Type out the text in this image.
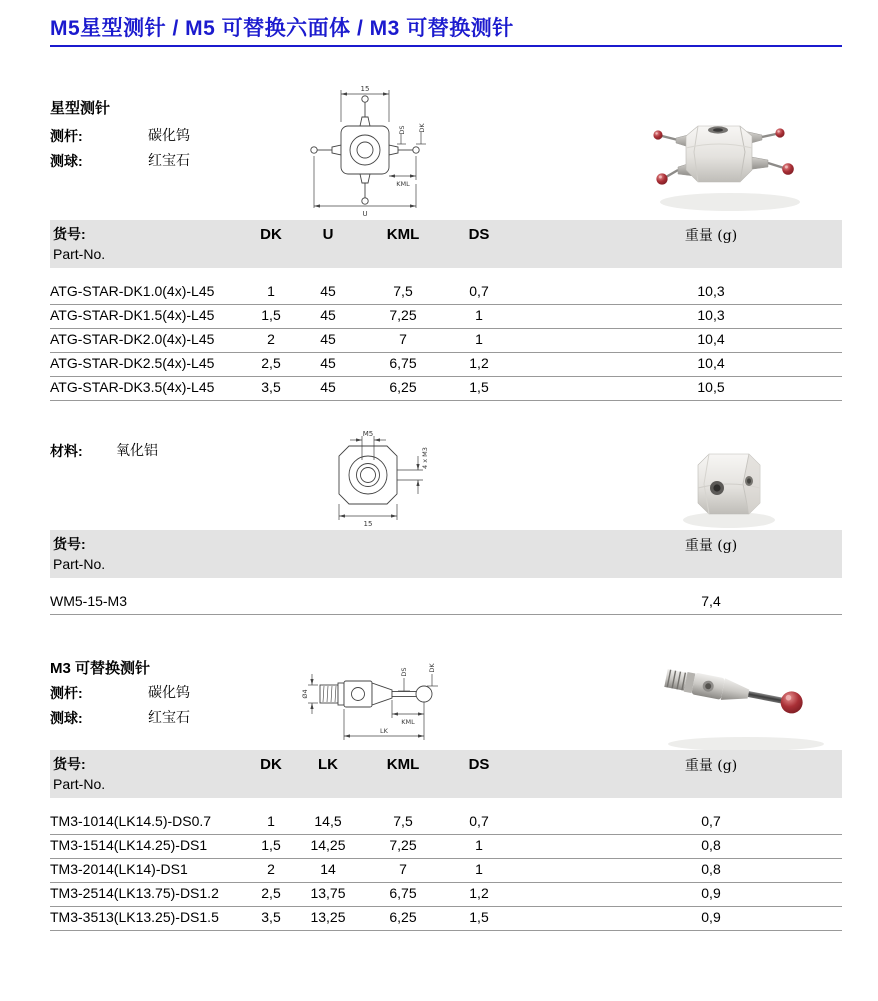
M5星型测针 / M5 可替换六面体 / M3 可替换测针
星型测针
测杆:	碳化钨
测球:	红宝石
15
DS DK
KML
U
货号:
Part-No.
DK	U	KML	DS	重量 (g)
ATG-STAR-DK1.0(4x)-L45	1	45	7,5	0,7	10,3
ATG-STAR-DK1.5(4x)-L45	1,5	45	7,25	1	10,3
ATG-STAR-DK2.0(4x)-L45	2	45	7	1	10,4
ATG-STAR-DK2.5(4x)-L45	2,5	45	6,75	1,2	10,4
ATG-STAR-DK3.5(4x)-L45	3,5	45	6,25	1,5	10,5
材料: 氧化铝
M5
4 x M3
15
货号:
Part-No.
重量 (g)
WM5-15-M3	7,4
M3 可替换测针
测杆:	碳化钨
测球:	红宝石
Ø4
DS	DK
KML
LK
货号:
Part-No.
DK	LK	KML	DS	重量 (g)
TM3-1014(LK14.5)-DS0.7	1	14,5	7,5	0,7	0,7
TM3-1514(LK14.25)-DS1	1,5	14,25	7,25	1	0,8
TM3-2014(LK14)-DS1	2	14	7	1	0,8
TM3-2514(LK13.75)-DS1.2	2,5	13,75	6,75	1,2	0,9
TM3-3513(LK13.25)-DS1.5	3,5	13,25	6,25	1,5	0,9
